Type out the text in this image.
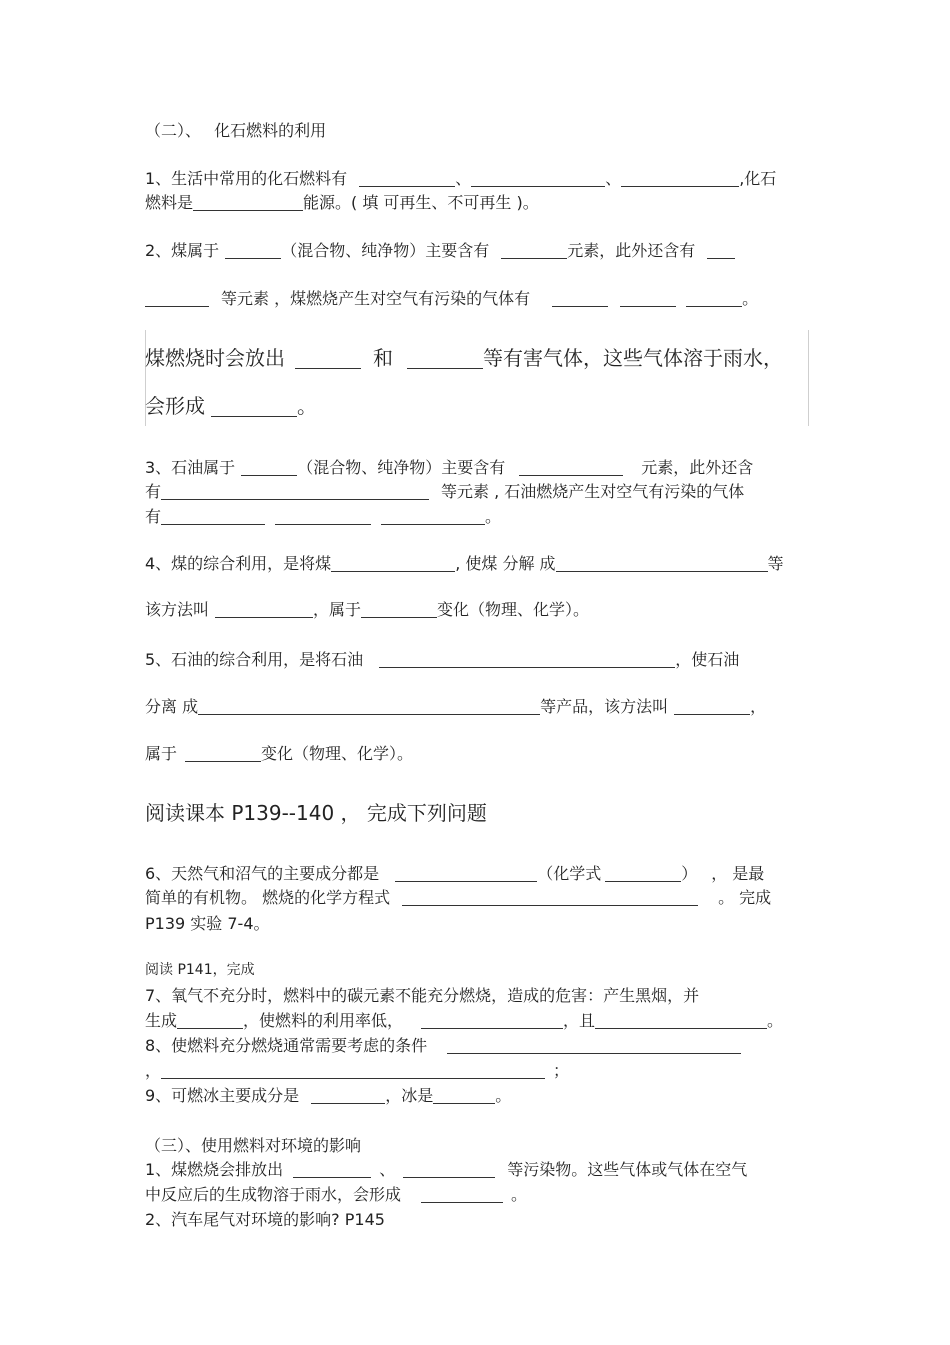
（二）、　 化石燃料的利用
1、生活中常用的化石燃料有	、	、	,化石
燃料是	能源。( 填 可再生、不可再生 )。
2、煤属于	（混合物、纯净物）主要含有	元素，此外还含有
等元素 ，煤燃烧产生对空气有污染的气体有	。
煤燃烧时会放出	和	等有害气体，这些气体溶于雨水，
会形成	。
3、石油属于	（混合物、纯净物）主要含有	元素，此外还含
有	等元素 , 石油燃烧产生对空气有污染的气体
有	。
4、煤的综合利用，是将煤	, 使煤 分解 成	等
该方法叫	，属于	变化（物理、化学）。
5、石油的综合利用，是将石油	，使石油
分离 成	等产品，该方法叫	，
属于	变化（物理、化学）。
阅读课本 P139--140 ， 完成下列问题
6、天然气和沼气的主要成分都是	（化学式	） ， 是最
简单的有机物。 燃烧的化学方程式	。 完成
P139 实验 7-4。
阅读 P141，完成
7、氧气不充分时，燃料中的碳元素不能充分燃烧，造成的危害：产生黑烟，并
生成	，使燃料的利用率低，	，且	。
8、使燃料充分燃烧通常需要考虑的条件
，	；
9、可燃冰主要成分是	，冰是	。
（三）、使用燃料对环境的影响
1、煤燃烧会排放出	、	等污染物。这些气体或气体在空气
中反应后的生成物溶于雨水，会形成	。
2、汽车尾气对环境的影响? P145
